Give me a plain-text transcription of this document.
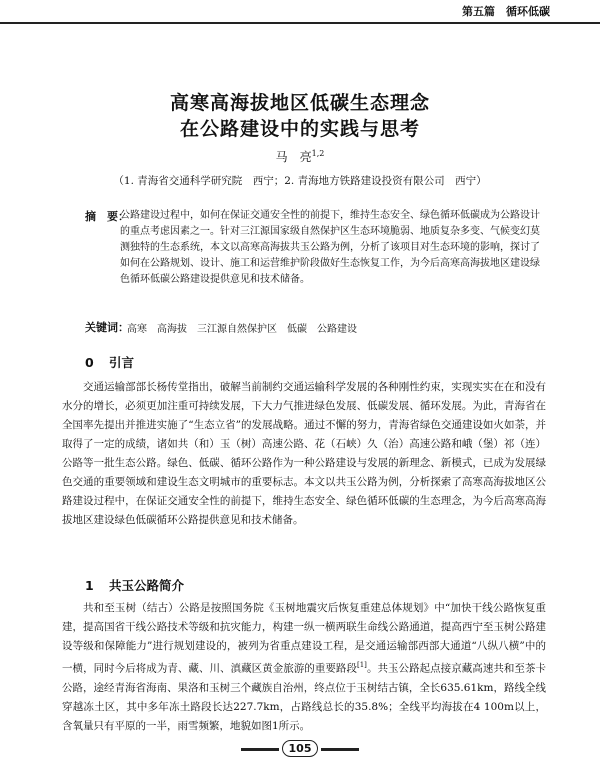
第五篇　循环低碳
高寒高海拔地区低碳生态理念
在公路建设中的实践与思考
马　亮$^{1,2}$
（1. 青海省交通科学研究院　西宁；2. 青海地方铁路建设投资有限公司　西宁）
摘　要：
公路建设过程中，如何在保证交通安全性的前提下，维持生态安全、绿色循环低碳成为公路设计的重点考虑因素之一。针对三江源国家级自然保护区生态环境脆弱、地质复杂多变、气候变幻莫测独特的生态系统，本文以高寒高海拔共玉公路为例，分析了该项目对生态环境的影响，探讨了如何在公路规划、设计、施工和运营维护阶段做好生态恢复工作，为今后高寒高海拔地区建设绿色循环低碳公路建设提供意见和技术储备。
关键词：
高寒　高海拔　三江源自然保护区　低碳　公路建设
0 引言
交通运输部部长杨传堂指出，破解当前制约交通运输科学发展的各种刚性约束，实现实实在在和没有水分的增长，必须更加注重可持续发展，下大力气推进绿色发展、低碳发展、循环发展。为此，青海省在全国率先提出并推进实施了“生态立省”的发展战略。通过不懈的努力，青海省绿色交通建设如火如荼，并取得了一定的成绩，诸如共（和）玉（树）高速公路、花（石峡）久（治）高速公路和峨（堡）祁（连）公路等一批生态公路。绿色、低碳、循环公路作为一种公路建设与发展的新理念、新模式，已成为发展绿色交通的重要领域和建设生态文明城市的重要标志。本文以共玉公路为例，分析探索了高寒高海拔地区公路建设过程中，在保证交通安全性的前提下，维持生态安全、绿色循环低碳的生态理念，为今后高寒高海拔地区建设绿色低碳循环公路提供意见和技术储备。
1 共玉公路简介
共和至玉树（结古）公路是按照国务院《玉树地震灾后恢复重建总体规划》中“加快干线公路恢复重建，提高国省干线公路技术等级和抗灾能力，构建一纵一横两联生命线公路通道，提高西宁至玉树公路建设等级和保障能力”进行规划建设的，被列为省重点建设工程，是交通运输部西部大通道“八纵八横”中的一横，同时今后将成为青、藏、川、滇藏区黄金旅游的重要路段[1]。共玉公路起点接京藏高速共和至茶卡公路，途经青海省海南、果洛和玉树三个藏族自治州，终点位于玉树结古镇，全长635.61km，路线全线穿越冻土区，其中多年冻土路段长达227.7km，占路线总长的35.8%；全线平均海拔在4 100m以上，含氧量只有平原的一半，雨雪频繁，地貌如图1所示。
105
